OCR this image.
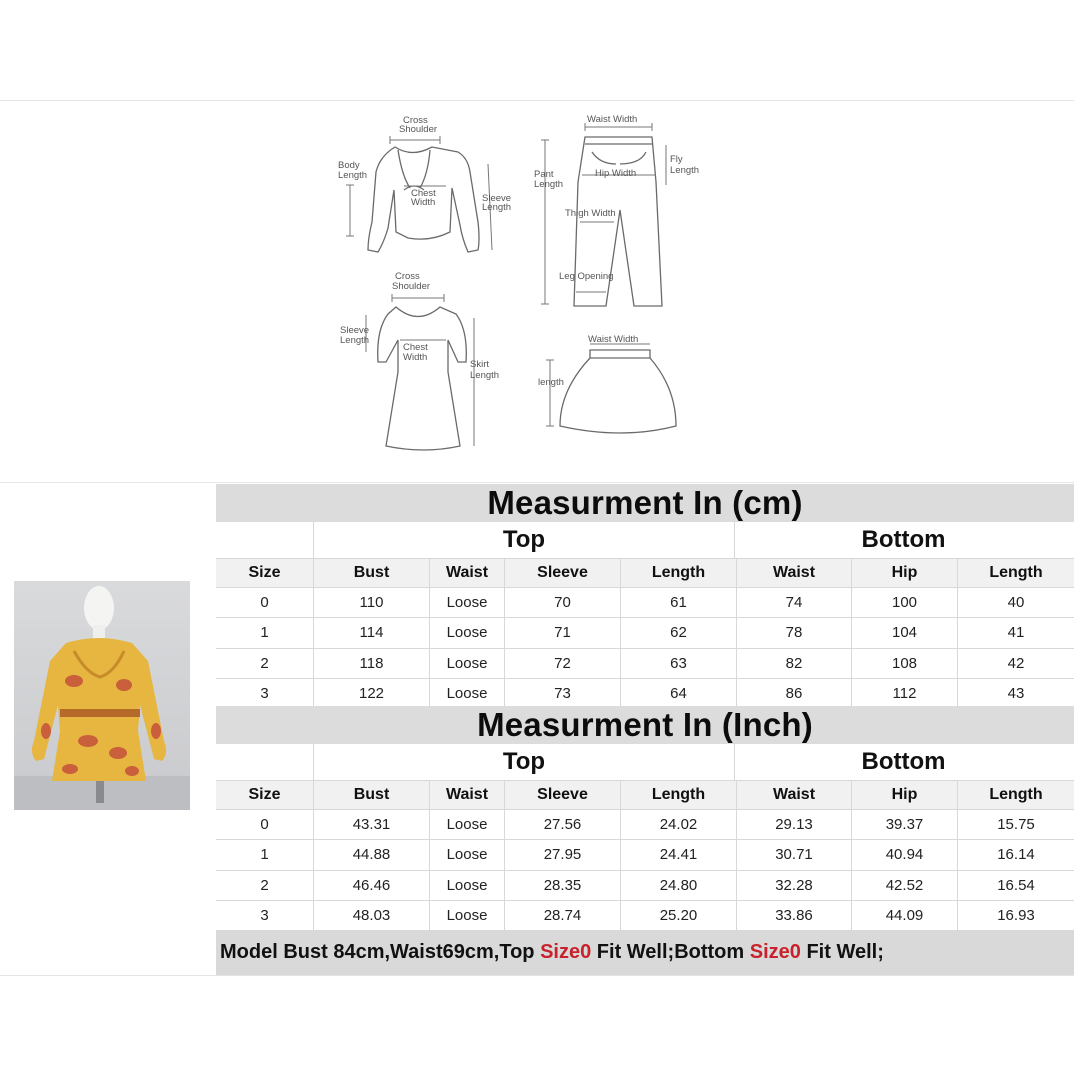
Cross
Shoulder
Body
Length
Chest
Width	Sleeve
Length
Waist Width
Pant
Length
Hip Width
Fly
Length
Thigh Width
Leg Opening
Cross
Shoulder
Sleeve
Length
Chest
Width
Skirt
Length
Waist Width
length
Measurment In (cm)
Top	Bottom
Size	Bust	Waist	Sleeve	Length	Waist	Hip	Length
0	110	Loose	70	61	74	100	40
1	114	Loose	71	62	78	104	41
2	118	Loose	72	63	82	108	42
3	122	Loose	73	64	86	112	43
Measurment In (Inch)
Top	Bottom
Size	Bust	Waist	Sleeve	Length	Waist	Hip	Length
0	43.31	Loose	27.56	24.02	29.13	39.37	15.75
1	44.88	Loose	27.95	24.41	30.71	40.94	16.14
2	46.46	Loose	28.35	24.80	32.28	42.52	16.54
3	48.03	Loose	28.74	25.20	33.86	44.09	16.93
Model Bust 84cm,Waist69cm,Top Size0 Fit Well;Bottom Size0 Fit Well;
